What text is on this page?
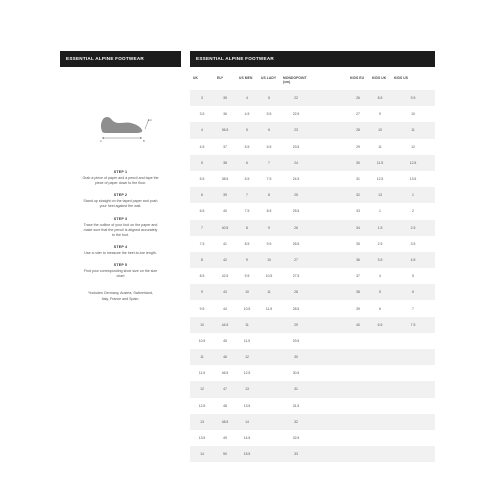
ESSENTIAL ALPINE FOOTWEAR
A	B
C
STEP 1
Grab a piece of paper and a pencil and tape the piece of paper down to the floor.
STEP 2
Stand up straight on the taped paper and push your heel against the wall.
STEP 3
Trace the outline of your foot on the paper and make sure that the pencil is aligned accurately to the foot.
STEP 4
Use a ruler to measure the heel-to-toe length.
STEP 5
Find your corresponding shoe size on the size chart
*Includes Germany, Austria, Switzerland, Italy, France and Spain.
ESSENTIAL ALPINE FOOTWEAR
UK	EU*	US MEN	US LADY	MONDOPOINT (cm)		KIDS EU	KIDS UK	KIDS US
3	35	4	5	22		26	8.5	9.5
3.5	36	4.5	5.5	22.5		27	9	10
4	36.5	5	6	23		28	10	11
4.5	37	5.5	6.5	23.5		29	11	12
5	38	6	7	24		30	11.5	12.5
5.5	38.5	6.5	7.5	24.5		31	12.5	13.5
6	39	7	8	25		32	13	1
6.5	40	7.5	8.5	25.5		33	1	2
7	40.5	8	9	26		34	1.5	2.5
7.5	41	8.5	9.5	26.5		35	2.5	3.5
8	42	9	10	27		36	3.5	4.5
8.5	42.5	9.5	10.5	27.5		37	4	5
9	43	10	11	28		38	5	6
9.5	44	10.5	11.5	28.5		39	6	7
10	44.5	11		29		40	6.5	7.5
10.5	45	11.5		29.5				
11	46	12		30				
11.5	46.5	12.5		30.5				
12	47	13		31				
12.5	48	13.5		31.5				
13	48.5	14		32				
13.5	49	14.5		32.5				
14	50	15.5		33				
